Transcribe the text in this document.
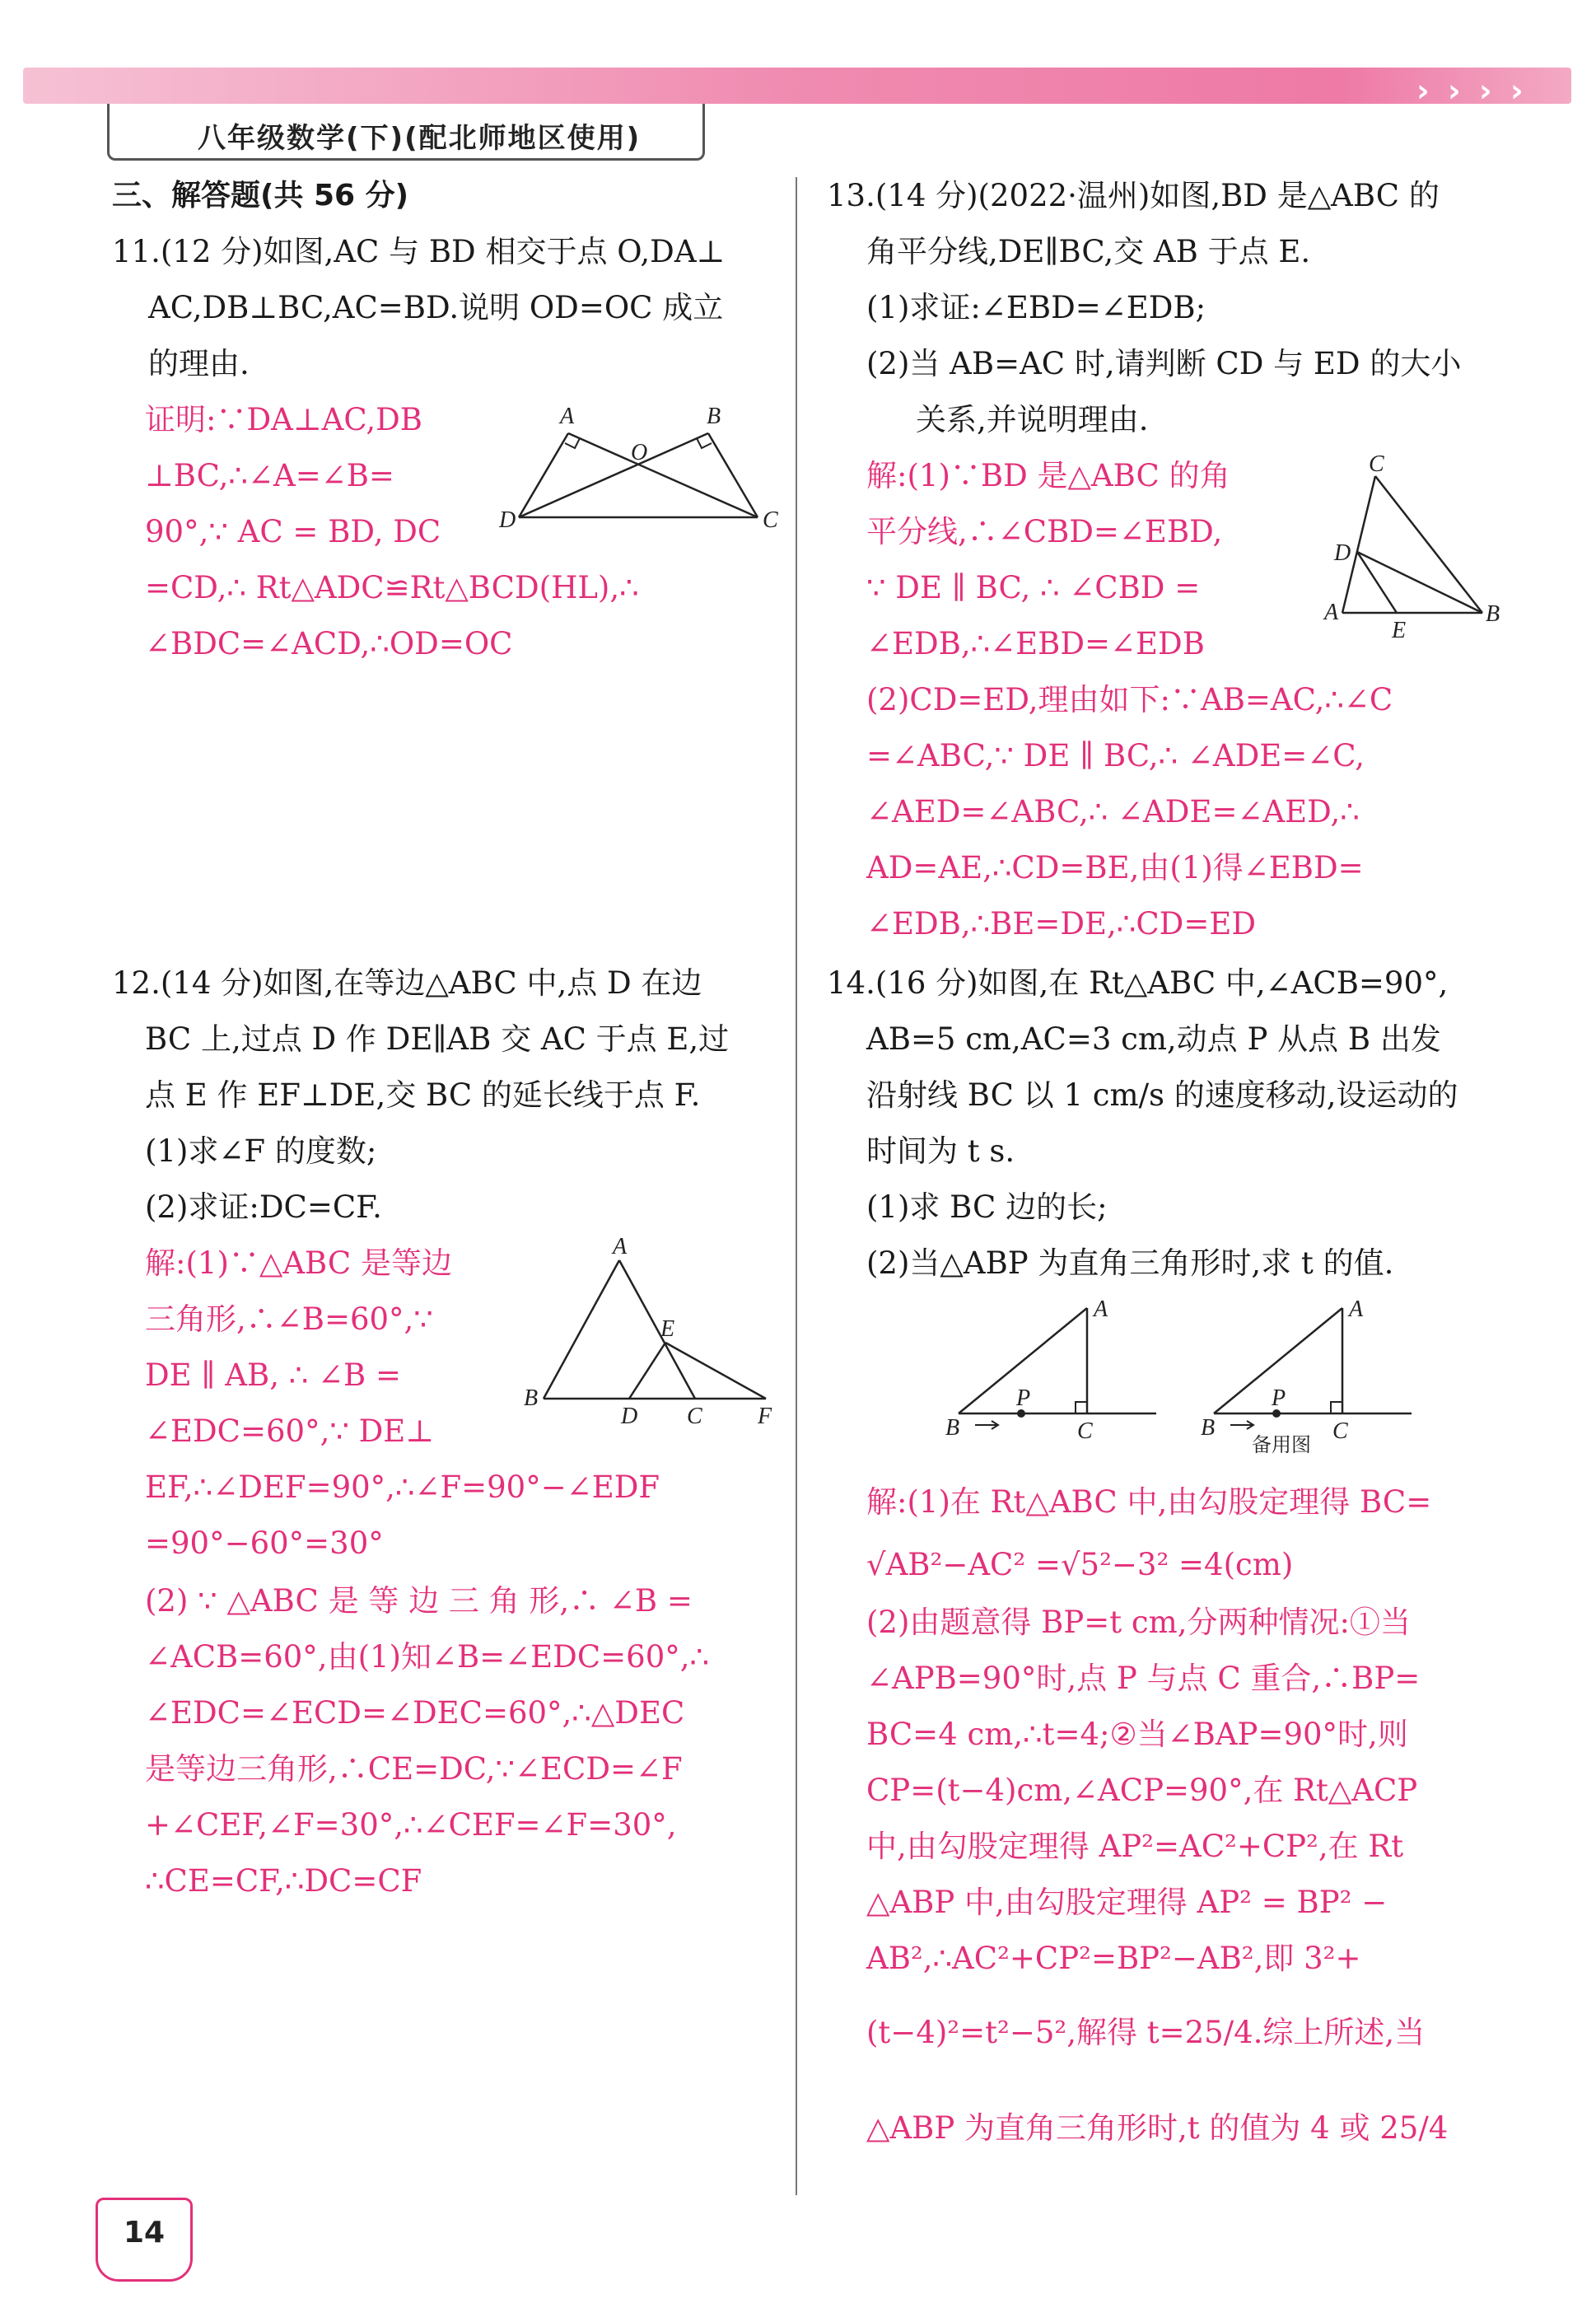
› › › ›
八年级数学(下)(配北师地区使用)
三、解答题(共 56 分)
11.(12 分)如图,AC 与 BD 相交于点 O,DA⊥
AC,DB⊥BC,AC=BD.说明 OD=OC 成立
的理由.
证明:∵DA⊥AC,DB
⊥BC,∴∠A=∠B=
90°,∵ AC = BD, DC
=CD,∴ Rt△ADC≌Rt△BCD(HL),∴
∠BDC=∠ACD,∴OD=OC
A	B
O
D	C
12.(14 分)如图,在等边△ABC 中,点 D 在边
BC 上,过点 D 作 DE∥AB 交 AC 于点 E,过
点 E 作 EF⊥DE,交 BC 的延长线于点 F.
(1)求∠F 的度数;
(2)求证:DC=CF.
解:(1)∵△ABC 是等边
三角形,∴∠B=60°,∵
DE ∥ AB, ∴ ∠B =
∠EDC=60°,∵ DE⊥
EF,∴∠DEF=90°,∴∠F=90°−∠EDF
=90°−60°=30°
(2) ∵ △ABC 是 等 边 三 角 形,∴ ∠B =
∠ACB=60°,由(1)知∠B=∠EDC=60°,∴
∠EDC=∠ECD=∠DEC=60°,∴△DEC
是等边三角形,∴CE=DC,∵∠ECD=∠F
+∠CEF,∠F=30°,∴∠CEF=∠F=30°,
∴CE=CF,∴DC=CF
A
E
B
D C F
13.(14 分)(2022·温州)如图,BD 是△ABC 的
角平分线,DE∥BC,交 AB 于点 E.
(1)求证:∠EBD=∠EDB;
(2)当 AB=AC 时,请判断 CD 与 ED 的大小
关系,并说明理由.
解:(1)∵BD 是△ABC 的角
平分线,∴∠CBD=∠EBD,
∵ DE ∥ BC, ∴ ∠CBD =
∠EDB,∴∠EBD=∠EDB
(2)CD=ED,理由如下:∵AB=AC,∴∠C
=∠ABC,∵ DE ∥ BC,∴ ∠ADE=∠C,
∠AED=∠ABC,∴ ∠ADE=∠AED,∴
AD=AE,∴CD=BE,由(1)得∠EBD=
∠EDB,∴BE=DE,∴CD=ED
C
D
A
E
B
14.(16 分)如图,在 Rt△ABC 中,∠ACB=90°,
AB=5 cm,AC=3 cm,动点 P 从点 B 出发
沿射线 BC 以 1 cm/s 的速度移动,设运动的
时间为 t s.
(1)求 BC 边的长;
(2)当△ABP 为直角三角形时,求 t 的值.
A
P
B	C
A
P
B	C
备用图
解:(1)在 Rt△ABC 中,由勾股定理得 BC=
√AB²−AC² =√5²−3² =4(cm)
(2)由题意得 BP=t cm,分两种情况:①当
∠APB=90°时,点 P 与点 C 重合,∴BP=
BC=4 cm,∴t=4;②当∠BAP=90°时,则
CP=(t−4)cm,∠ACP=90°,在 Rt△ACP
中,由勾股定理得 AP²=AC²+CP²,在 Rt
△ABP 中,由勾股定理得 AP² = BP² −
AB²,∴AC²+CP²=BP²−AB²,即 3²+
(t−4)²=t²−5²,解得 t=25/4.综上所述,当
△ABP 为直角三角形时,t 的值为 4 或 25/4
14
